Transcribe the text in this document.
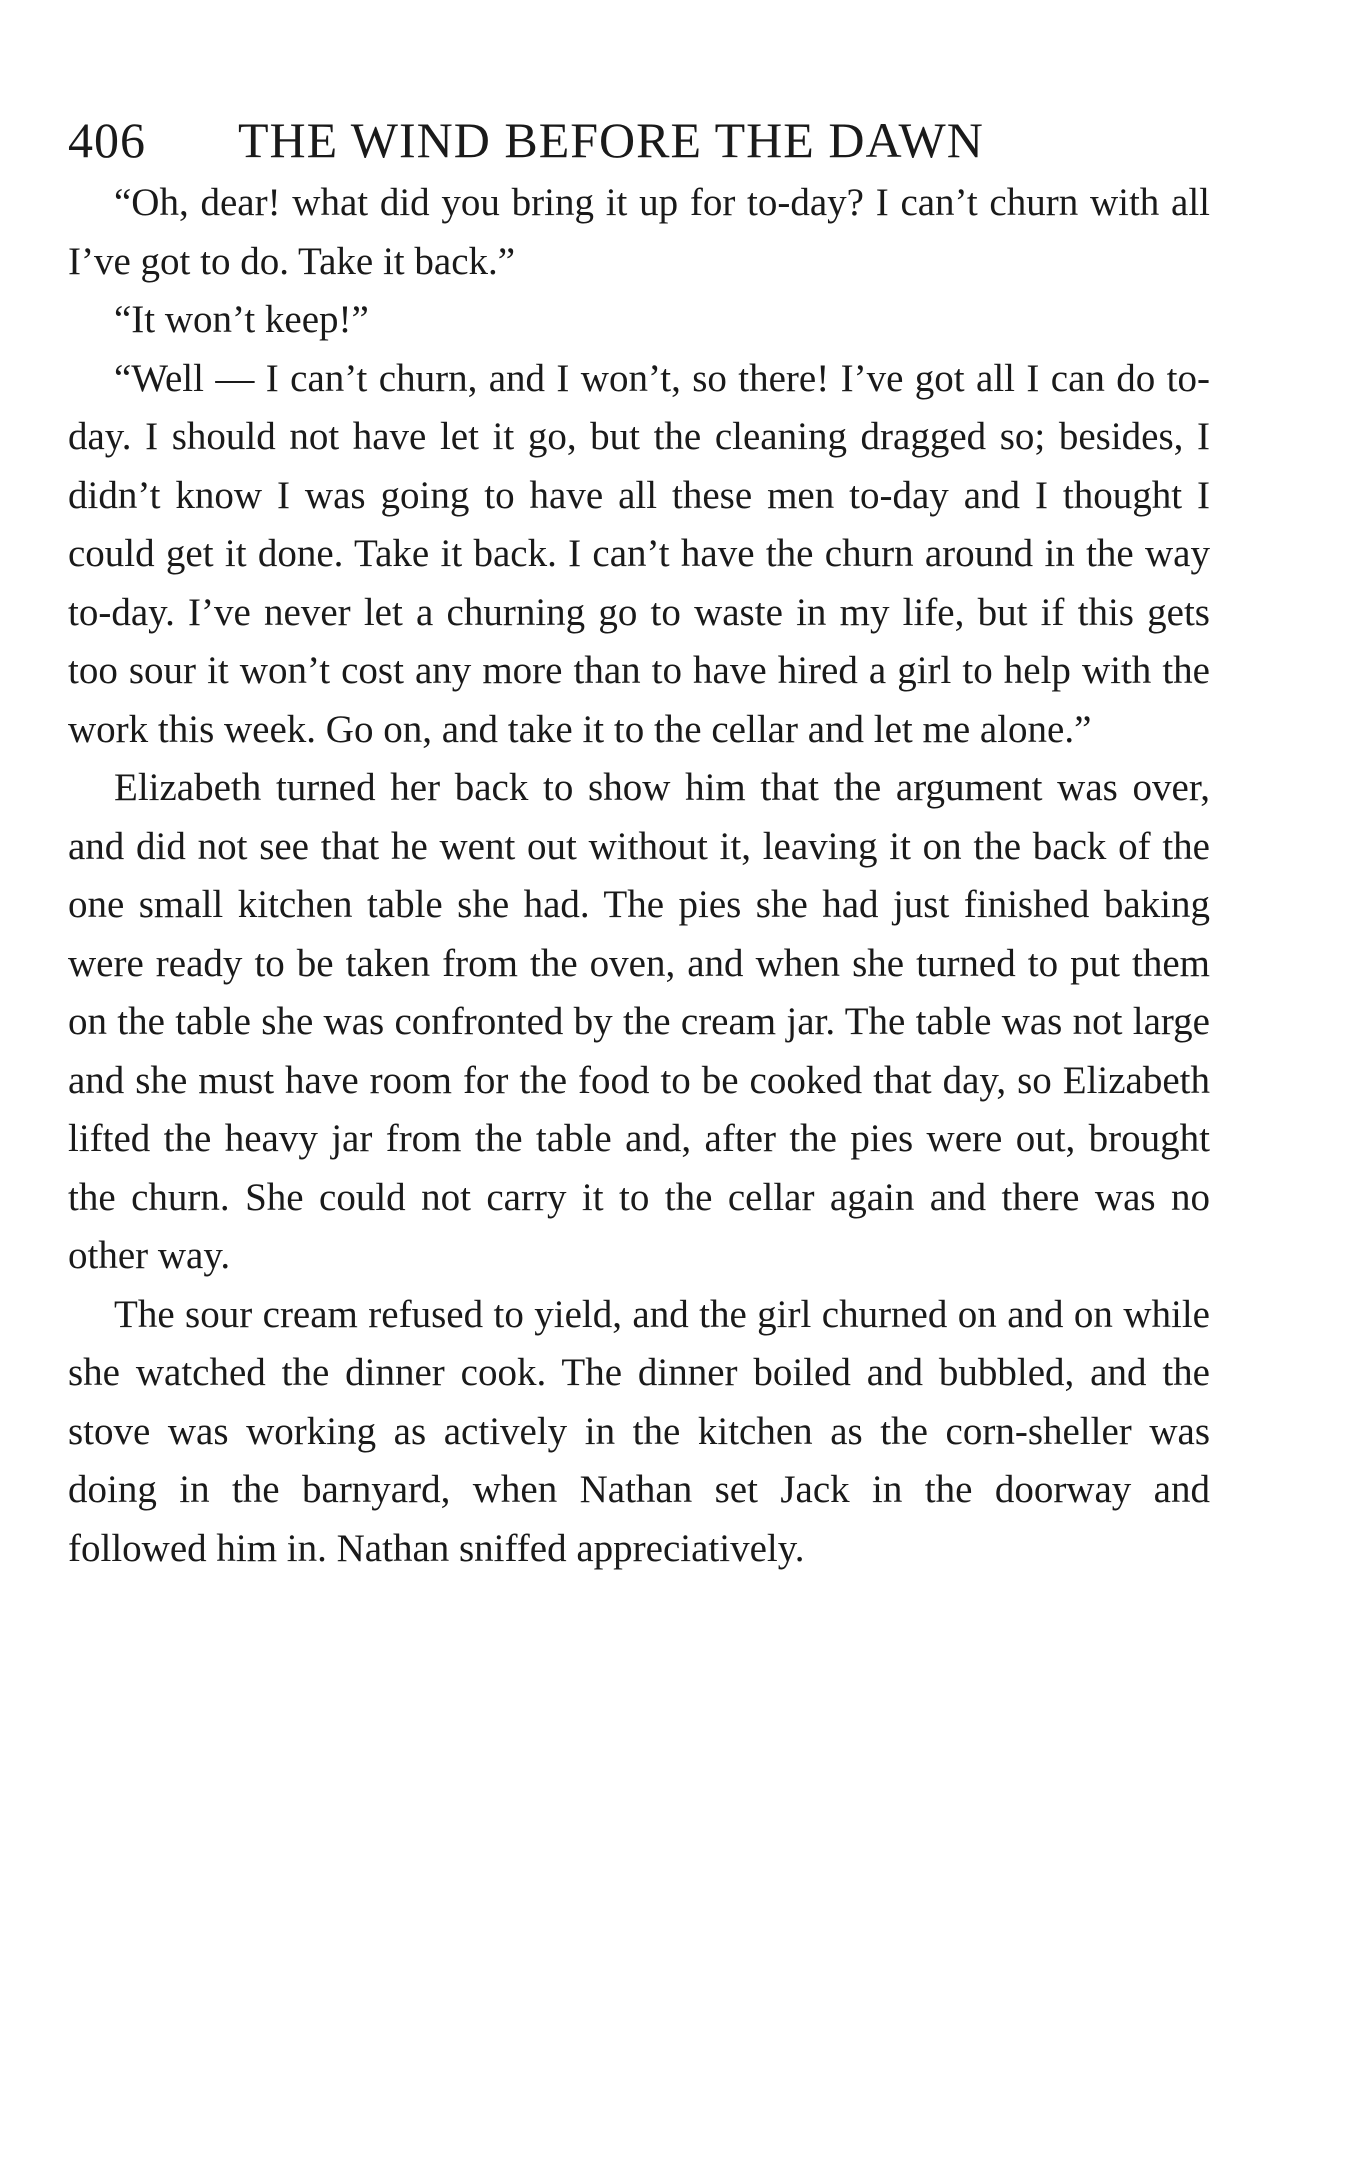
406	THE WIND BEFORE THE DAWN

“Oh, dear! what did you bring it up for to-day? I can’t churn with all I’ve got to do. Take it back.”

“It won’t keep!”

“Well — I can’t churn, and I won’t, so there! I’ve got all I can do to-day. I should not have let it go, but the cleaning dragged so; besides, I didn’t know I was going to have all these men to-day and I thought I could get it done. Take it back. I can’t have the churn around in the way to-day. I’ve never let a churning go to waste in my life, but if this gets too sour it won’t cost any more than to have hired a girl to help with the work this week. Go on, and take it to the cellar and let me alone.”

Elizabeth turned her back to show him that the argument was over, and did not see that he went out without it, leaving it on the back of the one small kitchen table she had. The pies she had just finished baking were ready to be taken from the oven, and when she turned to put them on the table she was confronted by the cream jar. The table was not large and she must have room for the food to be cooked that day, so Elizabeth lifted the heavy jar from the table and, after the pies were out, brought the churn. She could not carry it to the cellar again and there was no other way.

The sour cream refused to yield, and the girl churned on and on while she watched the dinner cook. The dinner boiled and bubbled, and the stove was working as actively in the kitchen as the corn-sheller was doing in the barnyard, when Nathan set Jack in the doorway and followed him in. Nathan sniffed appreciatively.
